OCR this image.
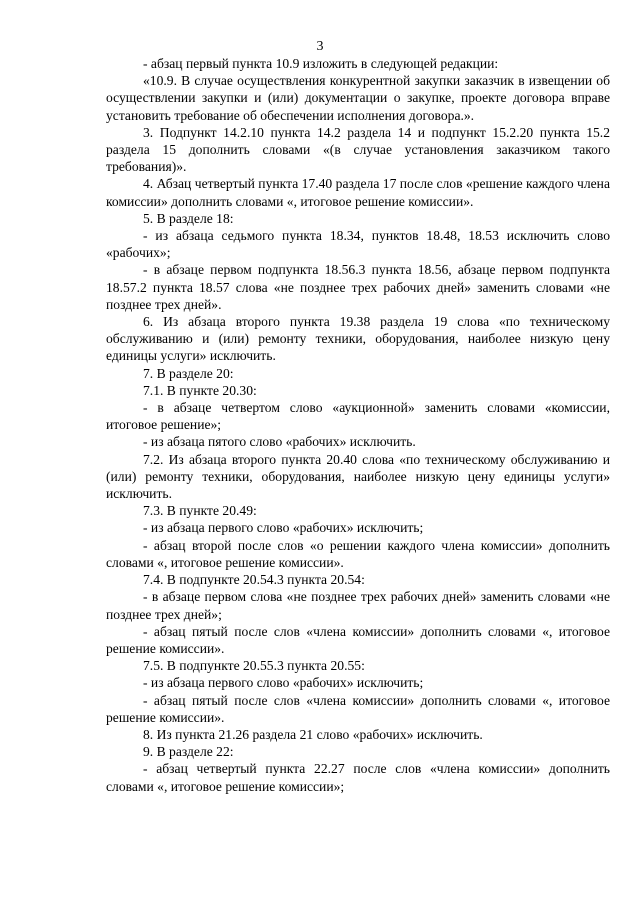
3

- абзац первый пункта 10.9 изложить в следующей редакции:

«10.9. В случае осуществления конкурентной закупки заказчик в извещении об осуществлении закупки и (или) документации о закупке, проекте договора вправе установить требование об обеспечении исполнения договора.».

3. Подпункт 14.2.10 пункта 14.2 раздела 14 и подпункт 15.2.20 пункта 15.2 раздела 15 дополнить словами «(в случае установления заказчиком такого требования)».

4. Абзац четвертый пункта 17.40 раздела 17 после слов «решение каждого члена комиссии» дополнить словами «, итоговое решение комиссии».

5. В разделе 18:

- из абзаца седьмого пункта 18.34, пунктов 18.48, 18.53 исключить слово «рабочих»;

- в абзаце первом подпункта 18.56.3 пункта 18.56, абзаце первом подпункта 18.57.2 пункта 18.57 слова «не позднее трех рабочих дней» заменить словами «не позднее трех дней».

6. Из абзаца второго пункта 19.38 раздела 19 слова «по техническому обслуживанию и (или) ремонту техники, оборудования, наиболее низкую цену единицы услуги» исключить.

7. В разделе 20:

7.1. В пункте 20.30:

- в абзаце четвертом слово «аукционной» заменить словами «комиссии, итоговое решение»;

- из абзаца пятого слово «рабочих» исключить.

7.2. Из абзаца второго пункта 20.40 слова «по техническому обслуживанию и (или) ремонту техники, оборудования, наиболее низкую цену единицы услуги» исключить.

7.3. В пункте 20.49:

- из абзаца первого слово «рабочих» исключить;

- абзац второй после слов «о решении каждого члена комиссии» дополнить словами «, итоговое решение комиссии».

7.4. В подпункте 20.54.3 пункта 20.54:

- в абзаце первом слова «не позднее трех рабочих дней» заменить словами «не позднее трех дней»;

- абзац пятый после слов «члена комиссии» дополнить словами «, итоговое решение комиссии».

7.5. В подпункте 20.55.3 пункта 20.55:

- из абзаца первого слово «рабочих» исключить;

- абзац пятый после слов «члена комиссии» дополнить словами «, итоговое решение комиссии».

8. Из пункта 21.26 раздела 21 слово «рабочих» исключить.

9. В разделе 22:

- абзац четвертый пункта 22.27 после слов «члена комиссии» дополнить словами «, итоговое решение комиссии»;
